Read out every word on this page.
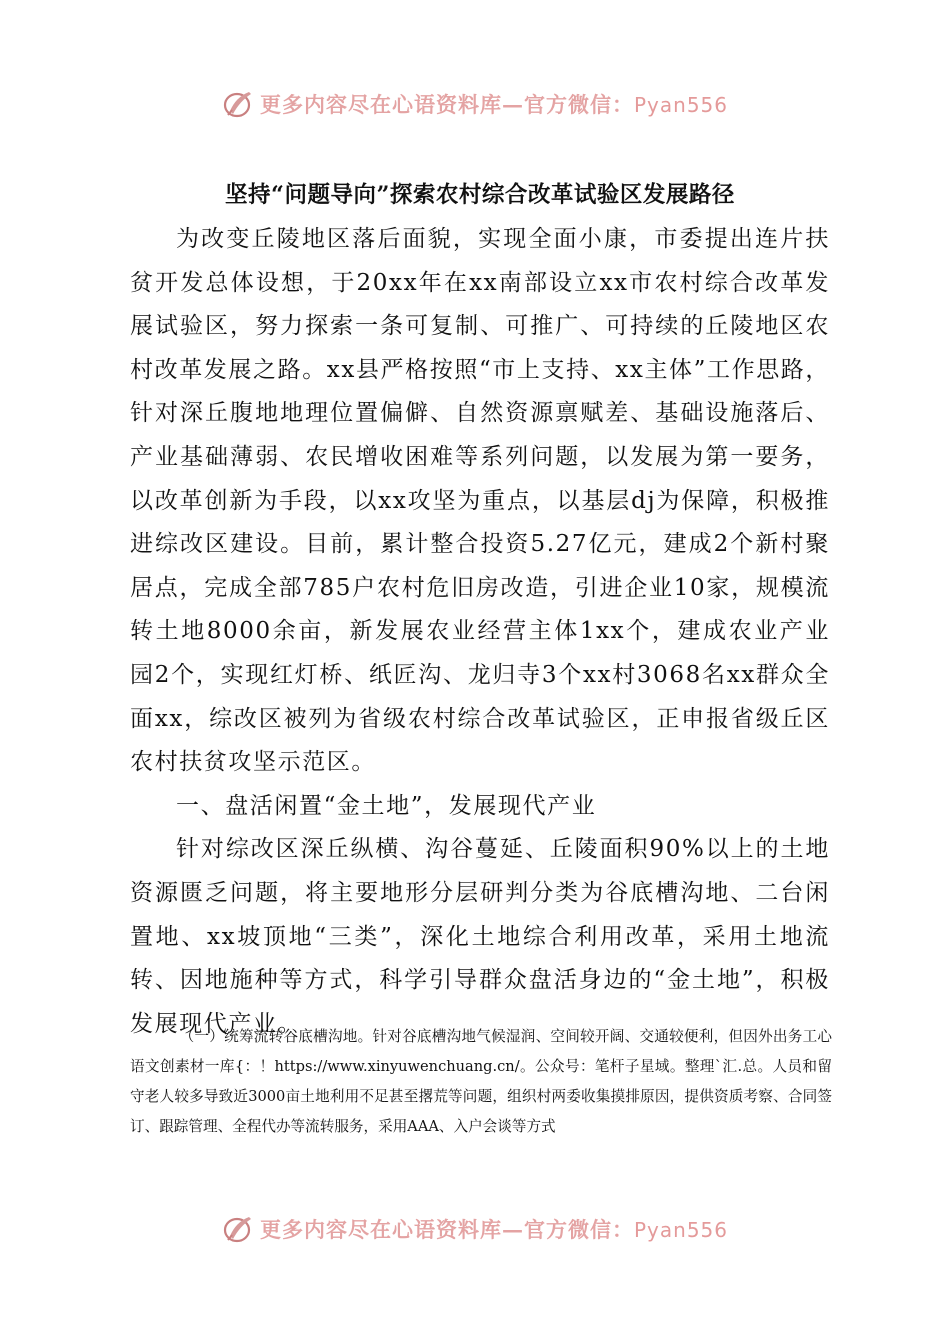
更多内容尽在心语资料库—官方微信：Pyan556
坚持“问题导向”探索农村综合改革试验区发展路径

为改变丘陵地区落后面貌，实现全面小康，市委提出连片扶贫开发总体设想，于20xx年在xx南部设立xx市农村综合改革发展试验区，努力探索一条可复制、可推广、可持续的丘陵地区农村改革发展之路。xx县严格按照“市上支持、xx主体”工作思路，针对深丘腹地地理位置偏僻、自然资源禀赋差、基础设施落后、产业基础薄弱、农民增收困难等系列问题，以发展为第一要务，以改革创新为手段，以xx攻坚为重点，以基层dj为保障，积极推进综改区建设。目前，累计整合投资5.27亿元，建成2个新村聚居点，完成全部785户农村危旧房改造，引进企业10家，规模流转土地8000余亩，新发展农业经营主体1xx个，建成农业产业园2个，实现红灯桥、纸匠沟、龙归寺3个xx村3068名xx群众全面xx，综改区被列为省级农村综合改革试验区，正申报省级丘区农村扶贫攻坚示范区。

一、盘活闲置“金土地”，发展现代产业

针对综改区深丘纵横、沟谷蔓延、丘陵面积90%以上的土地资源匮乏问题，将主要地形分层研判分类为谷底槽沟地、二台闲置地、xx坡顶地“三类”，深化土地综合利用改革，采用土地流转、因地施种等方式，科学引导群众盘活身边的“金土地”，积极发展现代产业。

（一）统筹流转谷底槽沟地。针对谷底槽沟地气候湿润、空间较开阔、交通较便利，但因外出务工心语文创素材一库{：！https://www.xinyuwenchuang.cn/。公众号：笔杆子星域。整理`汇.总。人员和留守老人较多导致近3000亩土地利用不足甚至撂荒等问题，组织村两委收集摸排原因，提供资质考察、合同签订、跟踪管理、全程代办等流转服务，采用AAA、入户会谈等方式

更多内容尽在心语资料库—官方微信：Pyan556
